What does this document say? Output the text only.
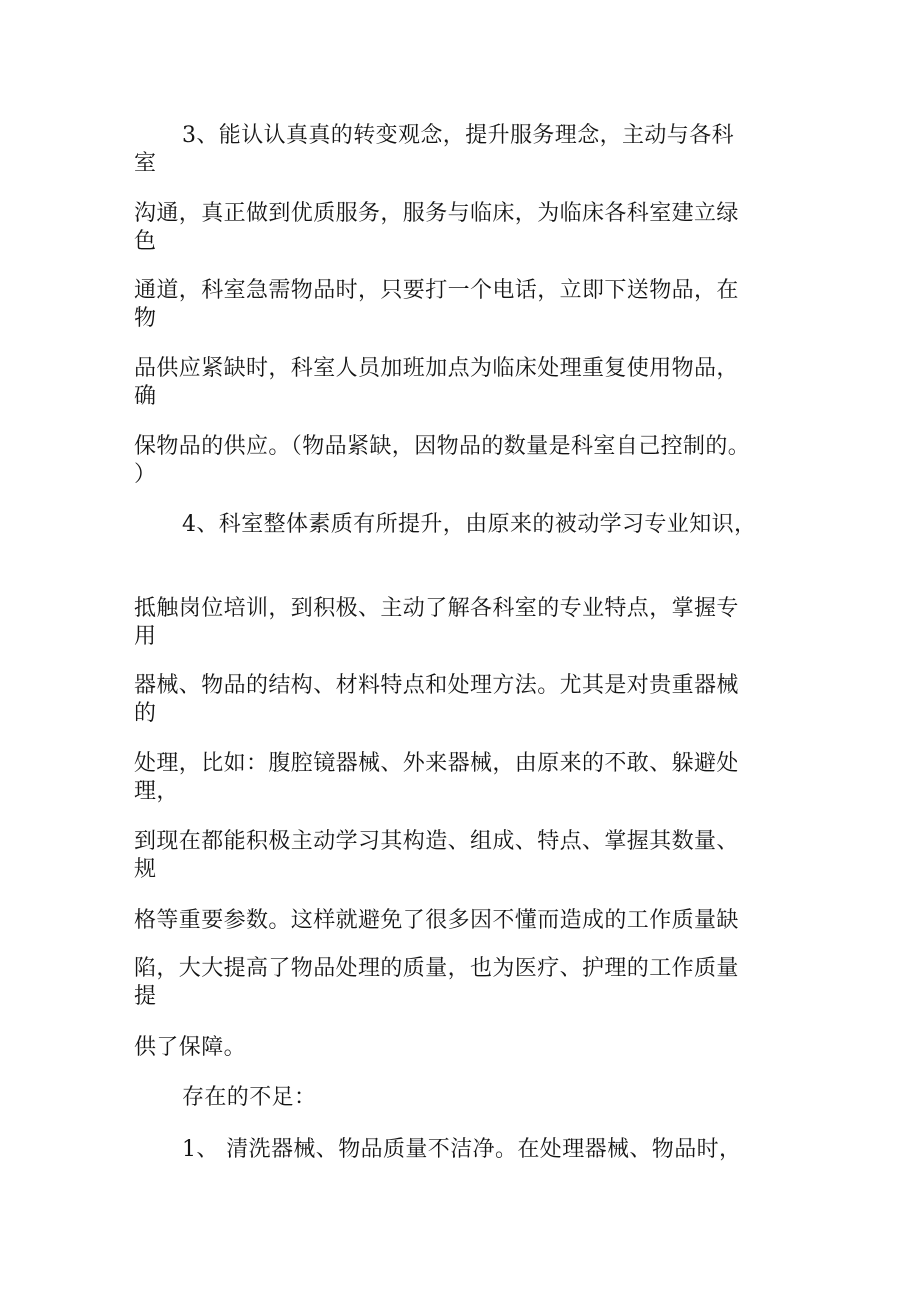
3、能认认真真的转变观念，提升服务理念，主动与各科
室
沟通，真正做到优质服务，服务与临床，为临床各科室建立绿
色
通道，科室急需物品时，只要打一个电话，立即下送物品，在
物
品供应紧缺时，科室人员加班加点为临床处理重复使用物品，
确
保物品的供应。（物品紧缺，因物品的数量是科室自己控制的。
）
4、科室整体素质有所提升，由原来的被动学习专业知识，
抵触岗位培训，到积极、主动了解各科室的专业特点，掌握专
用
器械、物品的结构、材料特点和处理方法。尤其是对贵重器械
的
处理，比如：腹腔镜器械、外来器械，由原来的不敢、躲避处
理，
到现在都能积极主动学习其构造、组成、特点、掌握其数量、
规
格等重要参数。这样就避免了很多因不懂而造成的工作质量缺
陷，大大提高了物品处理的质量，也为医疗、护理的工作质量
提
供了保障。
存在的不足：
1、 清洗器械、物品质量不洁净。在处理器械、物品时，
